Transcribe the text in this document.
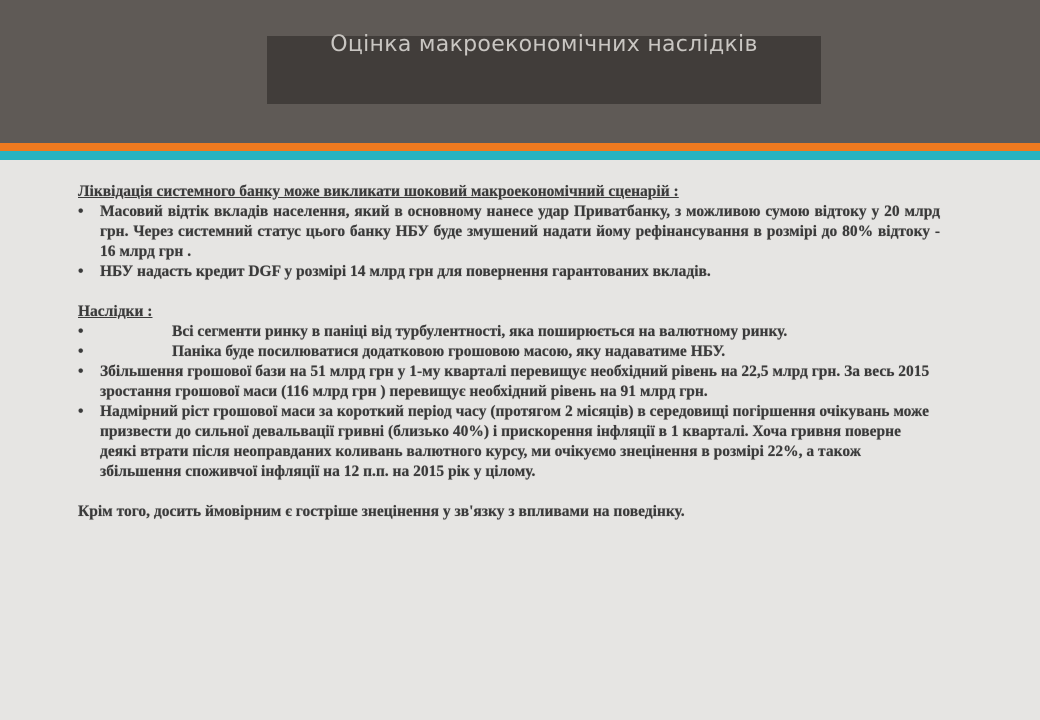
Оцінка макроекономічних наслідків
Ліквідація системного банку може викликати шоковий макроекономічний сценарій :
• Масовий відтік вкладів населення, який в основному нанесе удар Приватбанку, з можливою сумою відтоку у 20 млрд грн. Через системний статус цього банку НБУ буде змушений надати йому рефінансування в розмірі до 80% відтоку - 16 млрд грн .
• НБУ надасть кредит DGF у розмірі 14 млрд грн для повернення гарантованих вкладів.
Наслідки :
•	Всі сегменти ринку в паніці від турбулентності, яка поширюється на валютному ринку.
•	Паніка буде посилюватися додатковою грошовою масою, яку надаватиме НБУ.
• Збільшення грошової бази на 51 млрд грн у 1-му кварталі перевищує необхідний рівень на 22,5 млрд грн. За весь 2015 зростання грошової маси (116 млрд грн ) перевищує необхідний рівень на 91 млрд грн.
• Надмірний ріст грошової маси за короткий період часу (протягом 2 місяців) в середовищі погіршення очікувань може призвести до сильної девальвації гривні (близько 40%) і прискорення інфляції в 1 кварталі. Хоча гривня поверне деякі втрати після неоправданих коливань валютного курсу, ми очікуємо знецінення в розмірі 22%, а також збільшення споживчої інфляції на 12 п.п. на 2015 рік у цілому.
Крім того, досить ймовірним є гостріше знецінення у зв'язку з впливами на поведінку.
